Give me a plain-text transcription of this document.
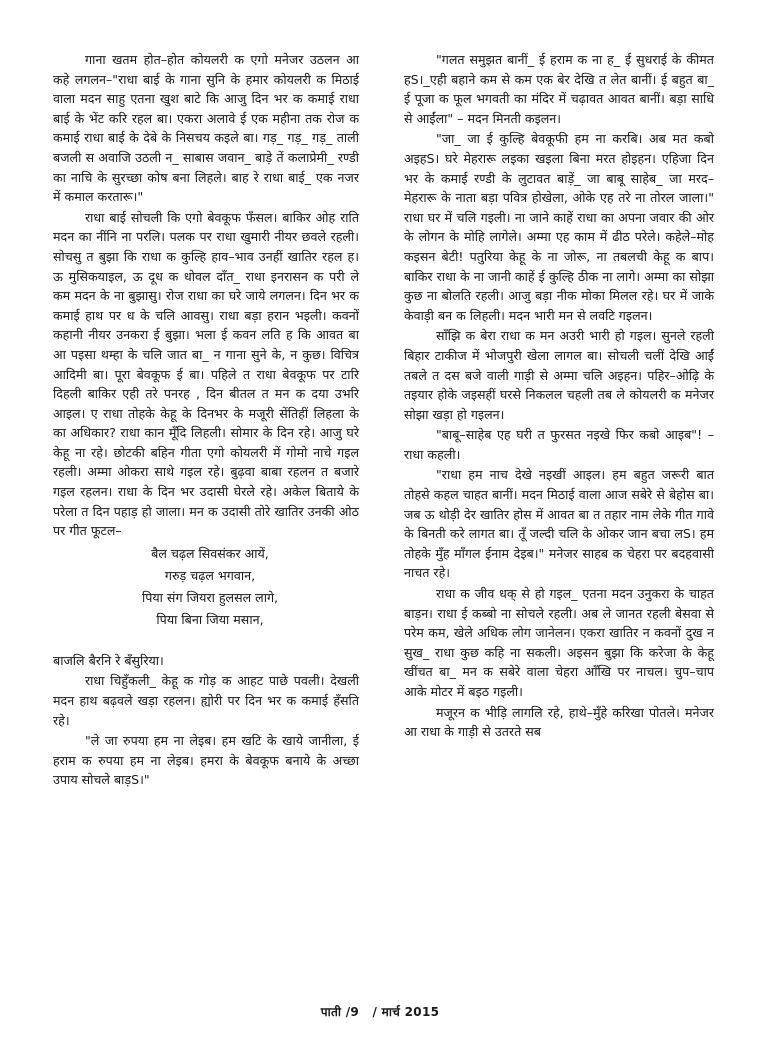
गाना खतम होत–होत कोयलरी क एगो मनेजर उठलन आ कहे लगलन–"राधा बाई के गाना सुनि के हमार कोयलरी क मिठाई वाला मदन साहु एतना खुश बाटे कि आजु दिन भर क कमाई राधा बाई के भेंट करि रहल बा। एकरा अलावे ई एक महीना तक रोज क कमाई राधा बाई के देबे के निसचय कइले बा। गड़_ गड़_ गड़_ ताली बजली स अवाजि उठली न_ साबास जवान_ बाड़े तें कलाप्रेमी_ रण्डी का नाचि के सुरच्छा कोष बना लिहले। बाह रे राधा बाई_ एक नजर में कमाल करतारू।"

राधा बाई सोचली कि एगो बेवकूफ फँसल। बाकिर ओह राति मदन का नींनि ना परलि। पलक पर राधा खुमारी नीयर छवले रहली। सोचसु त बुझा कि राधा क कुल्हि हाव–भाव उनहीं खातिर रहल ह। ऊ मुसिकयाइल, ऊ दूध क धोवल दाँत_ राधा इनरासन क परी ले कम मदन के ना बुझासु। रोज राधा का घरे जाये लगलन। दिन भर क कमाई हाथ पर ध के चलि आवसु। राधा बड़ा हरान भइली। कवनों कहानी नीयर उनकरा ई बुझा। भला ई कवन लति ह कि आवत बा आ पइसा थम्हा के चलि जात बा_ न गाना सुने के, न कुछ। विचित्र आदिमी बा। पूरा बेवकूफ ई बा। पहिले त राधा बेवकूफ पर टारि दिहली बाकिर एही तरे पनरह , दिन बीतल त मन क दया उभरि आइल। ए राधा तोहके केहू के दिनभर के मजूरी सेंतिहीं लिहला के का अधिकार? राधा कान मूँदि लिहली। सोमार के दिन रहे। आजु घरे केहू ना रहे। छोटकी बहिन गीता एगो कोयलरी में गोमो नाचे गइल रहली। अम्मा ओकरा साथे गइल रहे। बुढ़वा बाबा रहलन त बजारे गइल रहलन। राधा के दिन भर उदासी घेरले रहे। अकेल बिताये के परेला त दिन पहाड़ हो जाला। मन क उदासी तोरे खातिर उनकी ओठ पर गीत फूटल–

बैल चढ़ल सिवसंकर आयें,
गरुड़ चढ़ल भगवान,
पिया संग जियरा हुलसल लागे,
पिया बिना जिया मसान,

बाजलि बैरनि रे बँसुरिया।

राधा चिहुँकली_ केहू क गोड़ क आहट पाछे पवली। देखली मदन हाथ बढ़वले खड़ा रहलन। ह्योरी पर दिन भर क कमाई हँसति रहे।

"ले जा रुपया हम ना लेइब। हम खटि के खाये जानीला, ई हराम क रुपया हम ना लेइब। हमरा के बेवकूफ बनाये के अच्छा उपाय सोचले बाड़S।"

"गलत समुझत बानीं_ ई हराम क ना ह_ ई सुधराई के कीमत हS।_एही बहाने कम से कम एक बेर देखि त लेत बानीं। ई बहुत बा_ ई पूजा क फूल भगवती का मंदिर में चढ़ावत आवत बानीं। बड़ा साधि से आईंला" – मदन मिनती कइलन।

"जा_ जा ई कुल्हि बेवकूफी हम ना करबि। अब मत कबो अइहS। घरे मेहरारू लइका खइला बिना मरत होइहन। एहिजा दिन भर के कमाई रण्डी के लुटावत बाड़ें_ जा बाबू साहेब_ जा मरद–मेहरारू के नाता बड़ा पवित्र होखेला, ओके एह तरे ना तोरल जाला।" राधा घर में चलि गइली। ना जाने काहें राधा का अपना जवार की ओर के लोगन के मोहि लागेले। अम्मा एह काम में ढीठ परेले। कहेले–मोह कइसन बेटी! पतुरिया केहू के ना जोरू, ना तबलची केहू क बाप। बाकिर राधा के ना जानी काहें ई कुल्हि ठीक ना लागे। अम्मा का सोझा कुछ ना बोलति रहली। आजु बड़ा नीक मोका मिलल रहे। घर में जाके केवाड़ी बन क लिहली। मदन भारी मन से लवटि गइलन।

साँझि क बेरा राधा क मन अउरी भारी हो गइल। सुनले रहली बिहार टाकीज में भोजपुरी खेला लागल बा। सोचली चलीं देखि आईं तबले त दस बजे वाली गाड़ी से अम्मा चलि अइहन। पहिर–ओढ़ि के तइयार होके जइसहीं घरसे निकलल चहली तब ले कोयलरी क मनेजर सोझा खड़ा हो गइलन।

"बाबू–साहेब एह घरी त फुरसत नइखे फिर कबो आइब"! – राधा कहली।

"राधा हम नाच देखे नइखीं आइल। हम बहुत जरूरी बात तोहसे कहल चाहत बानीं। मदन मिठाई वाला आज सबेरे से बेहोस बा। जब ऊ थोड़ी देर खातिर होस में आवत बा त तहार नाम लेके गीत गावे के बिनती करे लागत बा। तूँ जल्दी चलि के ओकर जान बचा लS। हम तोहके मुँह माँगल ईनाम देइब।" मनेजर साहब क चेहरा पर बदहवासी नाचत रहे।

राधा क जीव धक् से हो गइल_ एतना मदन उनुकरा के चाहत बाड़न। राधा ई कब्बो ना सोचले रहली। अब ले जानत रहली बेसवा से परेम कम, खेले अधिक लोग जानेलन। एकरा खातिर न कवनों दुख न सुख_ राधा कुछ कहि ना सकली। अइसन बुझा कि करेजा के केहू खींचत बा_ मन क सबेरे वाला चेहरा आँखि पर नाचल। चुप–चाप आके मोटर में बइठ गइली।

मजूरन क भीड़ि लागलि रहे, हाथे–मुँहे करिखा पोतले। मनेजर आ राधा के गाड़ी से उतरते सब

पाती /9 / मार्च 2015
